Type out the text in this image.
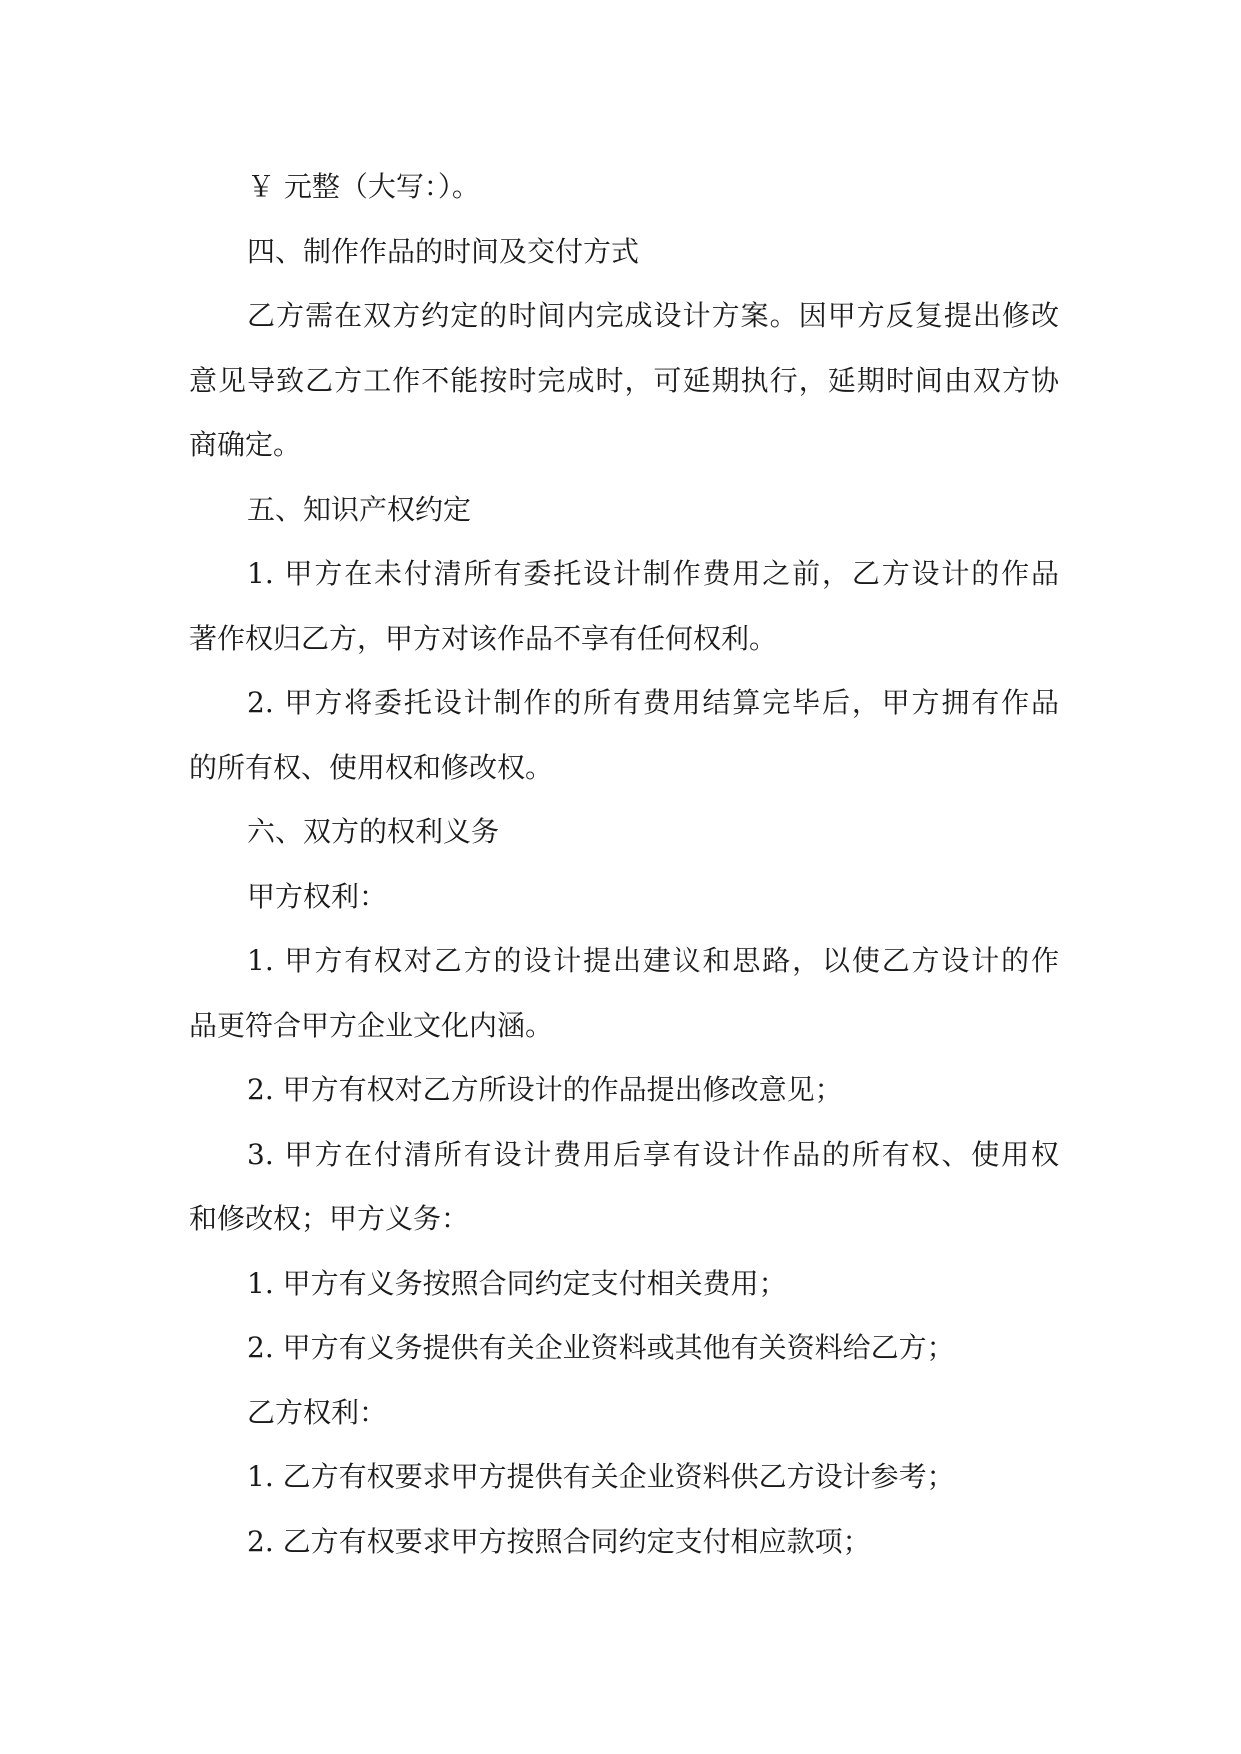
￥ 元整（大写：）。

四、制作作品的时间及交付方式

乙方需在双方约定的时间内完成设计方案。因甲方反复提出修改

意见导致乙方工作不能按时完成时，可延期执行，延期时间由双方协

商确定。

五、知识产权约定

1. 甲方在未付清所有委托设计制作费用之前，乙方设计的作品

著作权归乙方，甲方对该作品不享有任何权利。

2. 甲方将委托设计制作的所有费用结算完毕后，甲方拥有作品

的所有权、使用权和修改权。

六、双方的权利义务

甲方权利：

1. 甲方有权对乙方的设计提出建议和思路，以使乙方设计的作

品更符合甲方企业文化内涵。

2. 甲方有权对乙方所设计的作品提出修改意见；

3. 甲方在付清所有设计费用后享有设计作品的所有权、使用权

和修改权；甲方义务：

1. 甲方有义务按照合同约定支付相关费用；

2. 甲方有义务提供有关企业资料或其他有关资料给乙方；

乙方权利：

1. 乙方有权要求甲方提供有关企业资料供乙方设计参考；

2. 乙方有权要求甲方按照合同约定支付相应款项；
